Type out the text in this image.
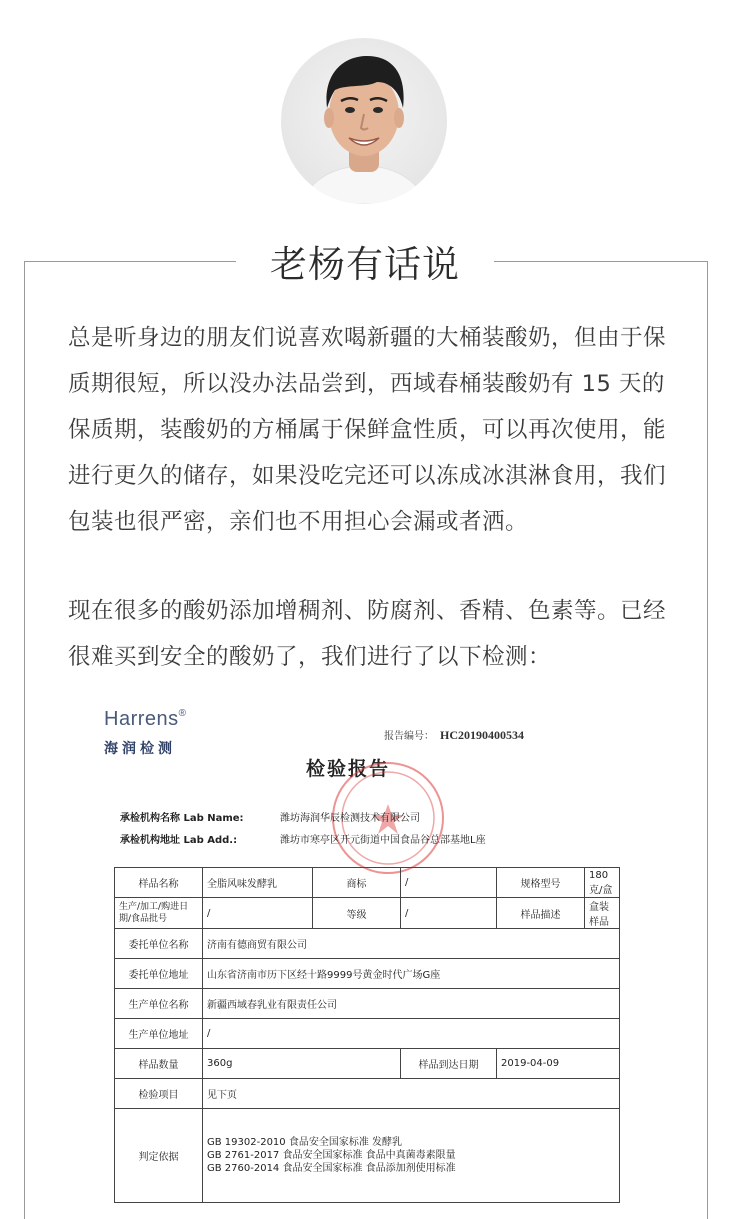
老杨有话说

总是听身边的朋友们说喜欢喝新疆的大桶装酸奶，但由于保质期很短，所以没办法品尝到，西域春桶装酸奶有 15 天的保质期，装酸奶的方桶属于保鲜盒性质，可以再次使用，能进行更久的储存，如果没吃完还可以冻成冰淇淋食用，我们包装也很严密，亲们也不用担心会漏或者洒。

现在很多的酸奶添加增稠剂、防腐剂、香精、色素等。已经很难买到安全的酸奶了，我们进行了以下检测：

Harrens®
海润检测
报告编号： HC20190400534
检验报告
承检机构名称 Lab Name:	潍坊海润华辰检测技术有限公司
承检机构地址 Lab Add.:	潍坊市寒亭区开元街道中国食品谷总部基地L座
样品名称	全脂风味发酵乳	商标	/	规格型号	180克/盒
生产/加工/购进日期/食品批号	/	等级	/	样品描述	盒装样品
委托单位名称	济南有德商贸有限公司				
委托单位地址	山东省济南市历下区经十路9999号黄金时代广场G座				
生产单位名称	新疆西域春乳业有限责任公司				
生产单位地址	/				
样品数量	360g		样品到达日期	2019-04-09	
检验项目	见下页				
判定依据	GB 19302-2010 食品安全国家标准 发酵乳
GB 2761-2017 食品安全国家标准 食品中真菌毒素限量
GB 2760-2014 食品安全国家标准 食品添加剂使用标准				
